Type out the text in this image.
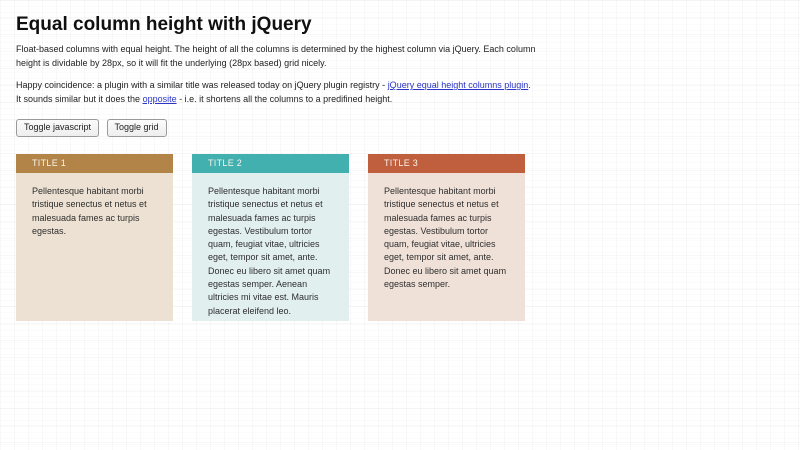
Equal column height with jQuery

Float-based columns with equal height. The height of all the columns is determined by the highest column via jQuery. Each column height is dividable by 28px, so it will fit the underlying (28px based) grid nicely.

Happy coincidence: a plugin with a similar title was released today on jQuery plugin registry - jQuery equal height columns plugin. It sounds similar but it does the opposite - i.e. it shortens all the columns to a predifined height.

Toggle javascript	Toggle grid
TITLE 1
Pellentesque habitant morbi tristique senectus et netus et malesuada fames ac turpis egestas.
TITLE 2
Pellentesque habitant morbi tristique senectus et netus et malesuada fames ac turpis egestas. Vestibulum tortor quam, feugiat vitae, ultricies eget, tempor sit amet, ante. Donec eu libero sit amet quam egestas semper. Aenean ultricies mi vitae est. Mauris placerat eleifend leo.
TITLE 3
Pellentesque habitant morbi tristique senectus et netus et malesuada fames ac turpis egestas. Vestibulum tortor quam, feugiat vitae, ultricies eget, tempor sit amet, ante. Donec eu libero sit amet quam egestas semper.
